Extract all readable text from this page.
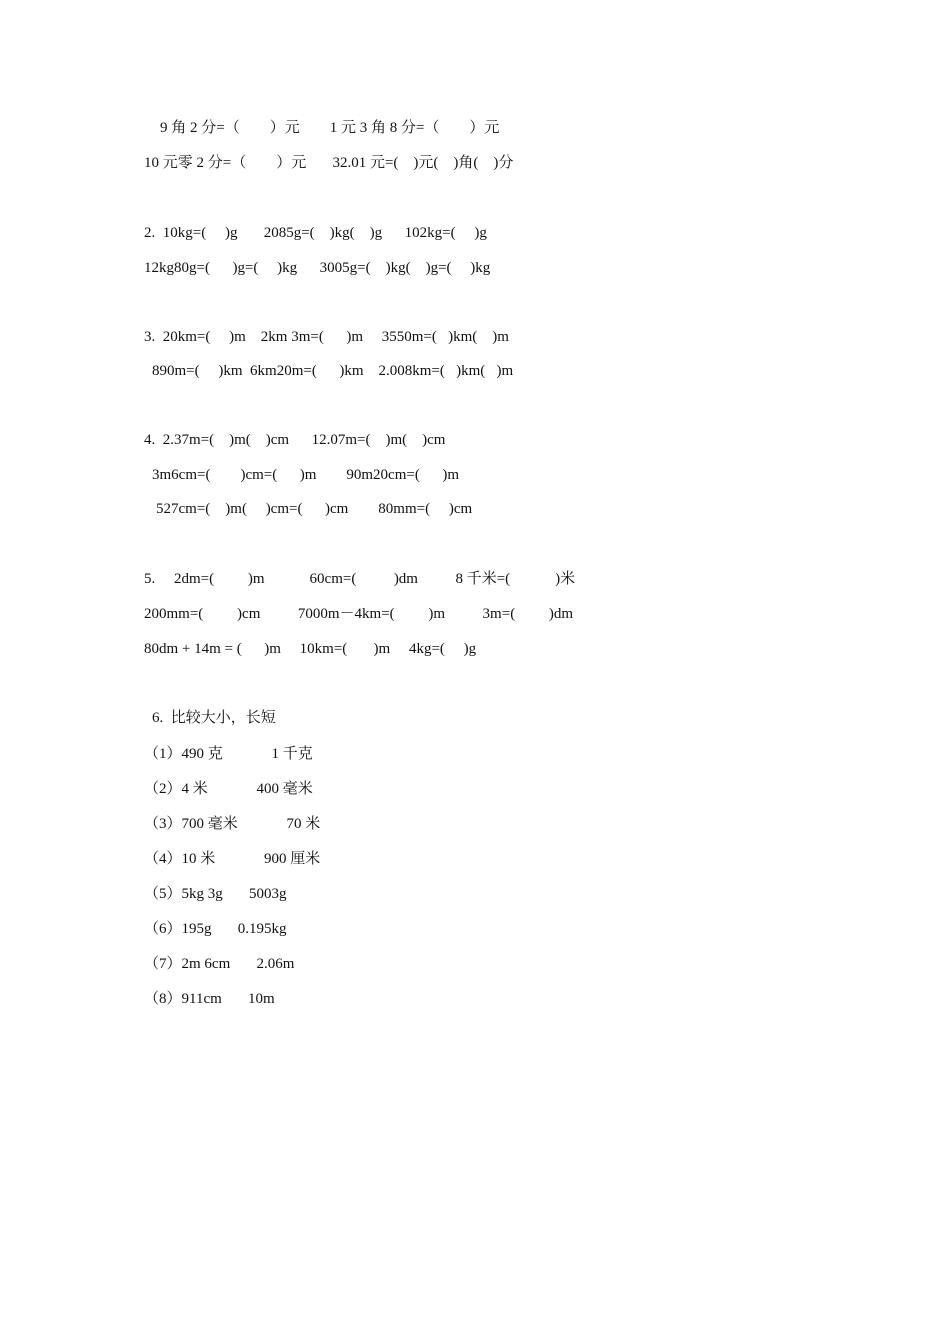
9 角 2 分=（        ）元        1 元 3 角 8 分=（        ）元
10 元零 2 分=（        ）元       32.01 元=(    )元(    )角(    )分
2.  10kg=(     )g       2085g=(    )kg(    )g      102kg=(     )g
12kg80g=(      )g=(     )kg      3005g=(    )kg(    )g=(     )kg
3.  20km=(     )m    2km 3m=(      )m     3550m=(   )km(    )m
890m=(     )km  6km20m=(      )km    2.008km=(   )km(   )m
4.  2.37m=(    )m(    )cm      12.07m=(    )m(    )cm
3m6cm=(        )cm=(      )m        90m20cm=(      )m
527cm=(    )m(     )cm=(      )cm        80mm=(     )cm
5.     2dm=(         )m            60cm=(          )dm          8 千米=(            )米
200mm=(         )cm          7000m－4km=(         )m          3m=(         )dm
80dm + 14m = (      )m     10km=(       )m     4kg=(     )g
6.  比较大小，长短
（1）490 克             1 千克
（2）4 米             400 毫米
（3）700 毫米             70 米
（4）10 米             900 厘米
（5）5kg 3g       5003g
（6）195g       0.195kg
（7）2m 6cm       2.06m
（8）911cm       10m
